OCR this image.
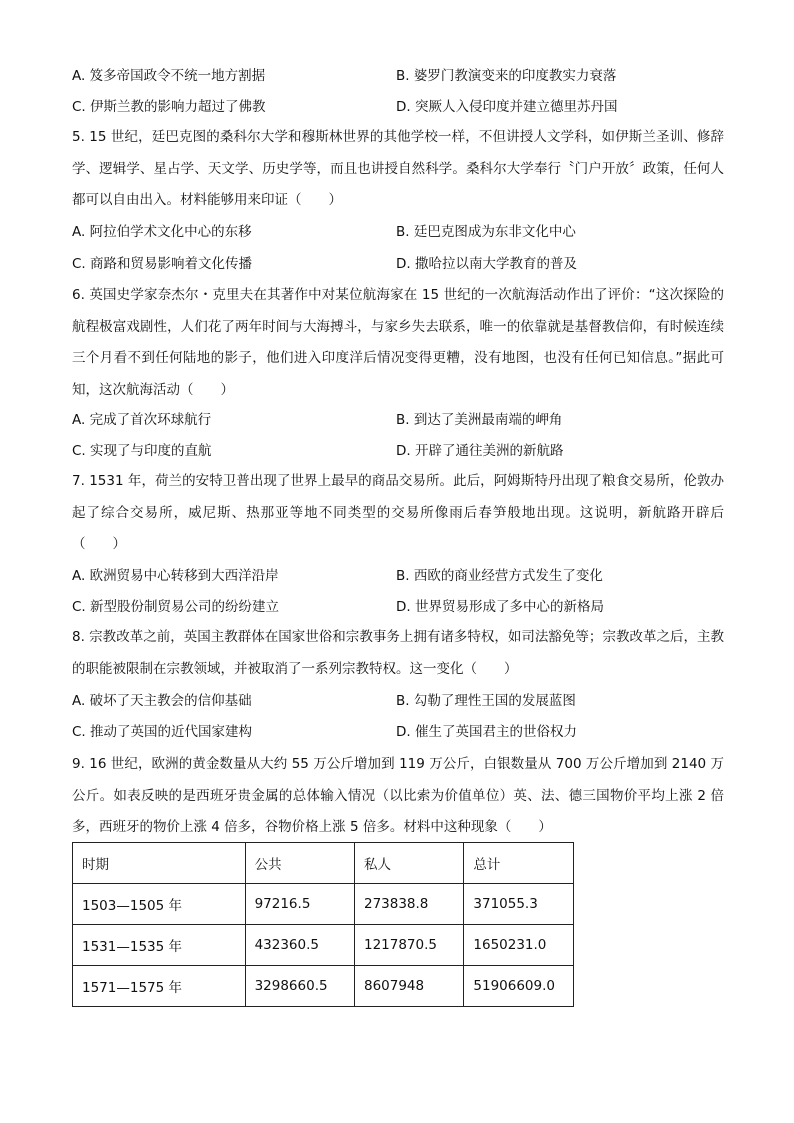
A. 笈多帝国政令不统一地方割据	B. 婆罗门教演变来的印度教实力衰落
C. 伊斯兰教的影响力超过了佛教	D. 突厥人入侵印度并建立德里苏丹国
5. 15 世纪，廷巴克图的桑科尔大学和穆斯林世界的其他学校一样，不但讲授人文学科，如伊斯兰圣训、修辞学、逻辑学、星占学、天文学、历史学等，而且也讲授自然科学。桑科尔大学奉行〝门户开放〞政策，任何人都可以自由出入。材料能够用来印证（　　）
A. 阿拉伯学术文化中心的东移	B. 廷巴克图成为东非文化中心
C. 商路和贸易影响着文化传播	D. 撒哈拉以南大学教育的普及
6. 英国史学家奈杰尔・克里夫在其著作中对某位航海家在 15 世纪的一次航海活动作出了评价：“这次探险的航程极富戏剧性，人们花了两年时间与大海搏斗，与家乡失去联系，唯一的依靠就是基督教信仰，有时候连续三个月看不到任何陆地的影子，他们进入印度洋后情况变得更糟，没有地图，也没有任何已知信息。”据此可知，这次航海活动（　　）
A. 完成了首次环球航行	B. 到达了美洲最南端的岬角
C. 实现了与印度的直航	D. 开辟了通往美洲的新航路
7. 1531 年，荷兰的安特卫普出现了世界上最早的商品交易所。此后，阿姆斯特丹出现了粮食交易所，伦敦办起了综合交易所，威尼斯、热那亚等地不同类型的交易所像雨后春笋般地出现。这说明，新航路开辟后（　　）
A. 欧洲贸易中心转移到大西洋沿岸	B. 西欧的商业经营方式发生了变化
C. 新型股份制贸易公司的纷纷建立	D. 世界贸易形成了多中心的新格局
8. 宗教改革之前，英国主教群体在国家世俗和宗教事务上拥有诸多特权，如司法豁免等；宗教改革之后，主教的职能被限制在宗教领域，并被取消了一系列宗教特权。这一变化（　　）
A. 破坏了天主教会的信仰基础	B. 勾勒了理性王国的发展蓝图
C. 推动了英国的近代国家建构	D. 催生了英国君主的世俗权力
9. 16 世纪，欧洲的黄金数量从大约 55 万公斤增加到 119 万公斤，白银数量从 700 万公斤增加到 2140 万公斤。如表反映的是西班牙贵金属的总体输入情况（以比索为价值单位）英、法、德三国物价平均上涨 2 倍多，西班牙的物价上涨 4 倍多，谷物价格上涨 5 倍多。材料中这种现象（　　）
时期	公共	私人	总计
1503—1505 年	97216.5	273838.8	371055.3
1531—1535 年	432360.5	1217870.5	1650231.0
1571—1575 年	3298660.5	8607948	51906609.0
